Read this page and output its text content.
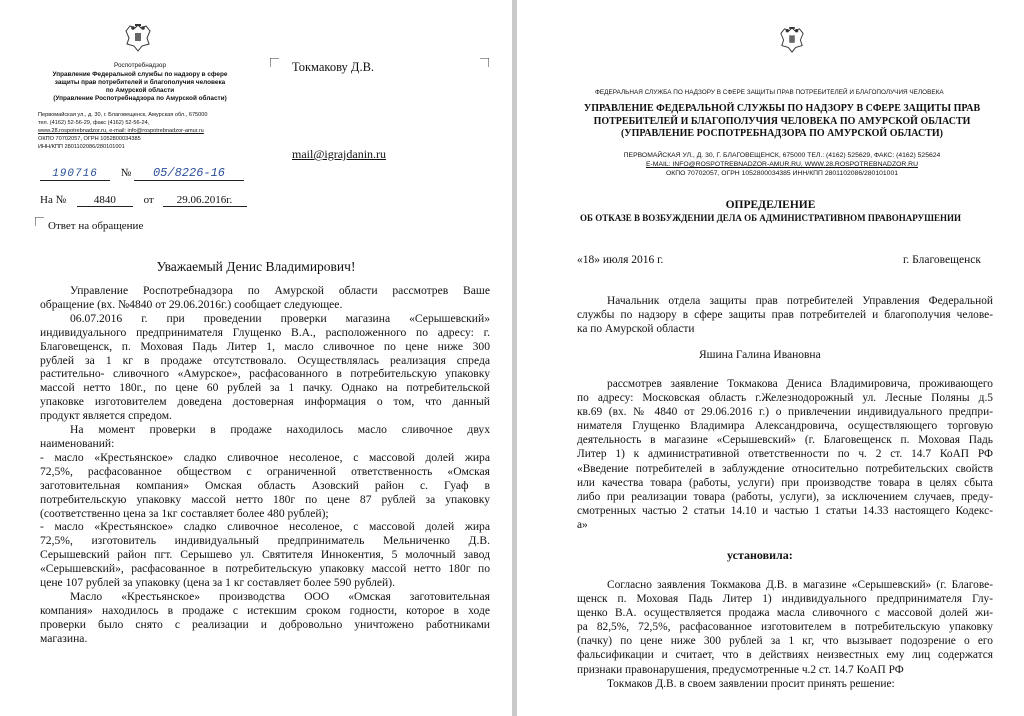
Роспотребнадзор
Управление Федеральной службы по надзору в сфере
защиты прав потребителей и благополучия человека
по Амурской области
(Управление Роспотребнадзора по Амурской области)
Первомайская ул., д. 30, г. Благовещенск, Амурская обл., 675000
тел. (4162) 52-56-29, факс (4162) 52-56-24,
www.28.rospotrebnadzor.ru, e-mail: info@rospotrebnadzor-amur.ru
ОКПО 70702057, ОГРН 1052800034385
ИНН/КПП 2801102086/280101001
Токмакову Д.В.
mail@igrajdanin.ru
190716 № 05/8226-16
На №	4840	от 29.06.2016г.
Ответ на обращение
Уважаемый Денис Владимирович!
Управление Роспотребнадзора по Амурской области рассмотрев Ваше
обращение (вх. №4840 от 29.06.2016г.) сообщает следующее.
06.07.2016 г. при проведении проверки магазина «Серышевский»
индивидуального предпринимателя Глущенко В.А., расположенного по адресу: г.
Благовещенск, п. Моховая Падь Литер 1, масло сливочное по цене ниже 300
рублей за 1 кг в продаже отсутствовало. Осуществлялась реализация спреда
растительно- сливочного «Амурское», расфасованного в потребительскую упаковку
массой нетто 180г., по цене 60 рублей за 1 пачку. Однако на потребительской
упаковке изготовителем доведена достоверная информация о том, что данный
продукт является спредом.
На момент проверки в продаже находилось масло сливочное двух
наименований:
- масло «Крестьянское» сладко сливочное несоленое, с массовой долей жира
72,5%, расфасованное обществом с ограниченной ответственность «Омская
заготовительная компания» Омская область Азовский район с. Гуаф в
потребительскую упаковку массой нетто 180г по цене 87 рублей за упаковку
(соответственно цена за 1кг составляет более 480 рублей);
- масло «Крестьянское» сладко сливочное несоленое, с массовой долей жира
72,5%, изготовитель индивидуальный предприниматель Мельниченко Д.В.
Серышевский район пгт. Серышево ул. Святителя Иннокентия, 5 молочный завод
«Серышевский», расфасованное в потребительскую упаковку массой нетто 180г по
цене 107 рублей за упаковку (цена за 1 кг составляет более 590 рублей).
Масло «Крестьянское» производства ООО «Омская заготовительная
компания» находилось в продаже с истекшим сроком годности, которое в ходе
проверки было снято с реализации и добровольно уничтожено работниками
магазина.
ФЕДЕРАЛЬНАЯ СЛУЖБА ПО НАДЗОРУ В СФЕРЕ ЗАЩИТЫ ПРАВ ПОТРЕБИТЕЛЕЙ И БЛАГОПОЛУЧИЯ ЧЕЛОВЕКА
УПРАВЛЕНИЕ ФЕДЕРАЛЬНОЙ СЛУЖБЫ ПО НАДЗОРУ В СФЕРЕ ЗАЩИТЫ ПРАВ
ПОТРЕБИТЕЛЕЙ И БЛАГОПОЛУЧИЯ ЧЕЛОВЕКА ПО АМУРСКОЙ ОБЛАСТИ
(УПРАВЛЕНИЕ РОСПОТРЕБНАДЗОРА ПО АМУРСКОЙ ОБЛАСТИ)
ПЕРВОМАЙСКАЯ УЛ., Д. 30, Г. БЛАГОВЕЩЕНСК, 675000 ТЕЛ.: (4162) 525629, ФАКС: (4162) 525624
E-MAIL: INFO@ROSPOTREBNADZOR-AMUR.RU, WWW.28.ROSPOTREBNADZOR.RU
ОКПО 70702057, ОГРН 1052800034385 ИНН/КПП 2801102086/280101001
ОПРЕДЕЛЕНИЕ
ОБ ОТКАЗЕ В ВОЗБУЖДЕНИИ ДЕЛА ОБ АДМИНИСТРАТИВНОМ ПРАВОНАРУШЕНИИ
«18» июля 2016 г.	г. Благовещенск
Начальник отдела защиты прав потребителей Управления Федеральной
службы по надзору в сфере защиты прав потребителей и благополучия челове-
ка по Амурской области
Яшина Галина Ивановна
рассмотрев заявление Токмакова Дениса Владимировича, проживающего
по адресу: Московская область г.Железнодорожный ул. Лесные Поляны д.5
кв.69 (вх. № 4840 от 29.06.2016 г.) о привлечении индивидуального предпри-
нимателя Глущенко Владимира Александровича, осуществляющего торговую
деятельность в магазине «Серышевский» (г. Благовещенск п. Моховая Падь
Литер 1) к административной ответственности по ч. 2 ст. 14.7 КоАП РФ
«Введение потребителей в заблуждение относительно потребительских свойств
или качества товара (работы, услуги) при производстве товара в целях сбыта
либо при реализации товара (работы, услуги), за исключением случаев, преду-
смотренных частью 2 статьи 14.10 и частью 1 статьи 14.33 настоящего Кодекс-
а»
установила:
Согласно заявления Токмакова Д.В. в магазине «Серышевский» (г. Благове-
щенск п. Моховая Падь Литер 1) индивидуального предпринимателя Глу-
щенко В.А. осуществляется продажа масла сливочного с массовой долей жи-
ра 82,5%, 72,5%, расфасованное изготовителем в потребительскую упаковку
(пачку) по цене ниже 300 рублей за 1 кг, что вызывает подозрение о его
фальсификации и считает, что в действиях неизвестных ему лиц содержатся
признаки правонарушения, предусмотренные ч.2 ст. 14.7 КоАП РФ
Токмаков Д.В. в своем заявлении просит принять решение:
